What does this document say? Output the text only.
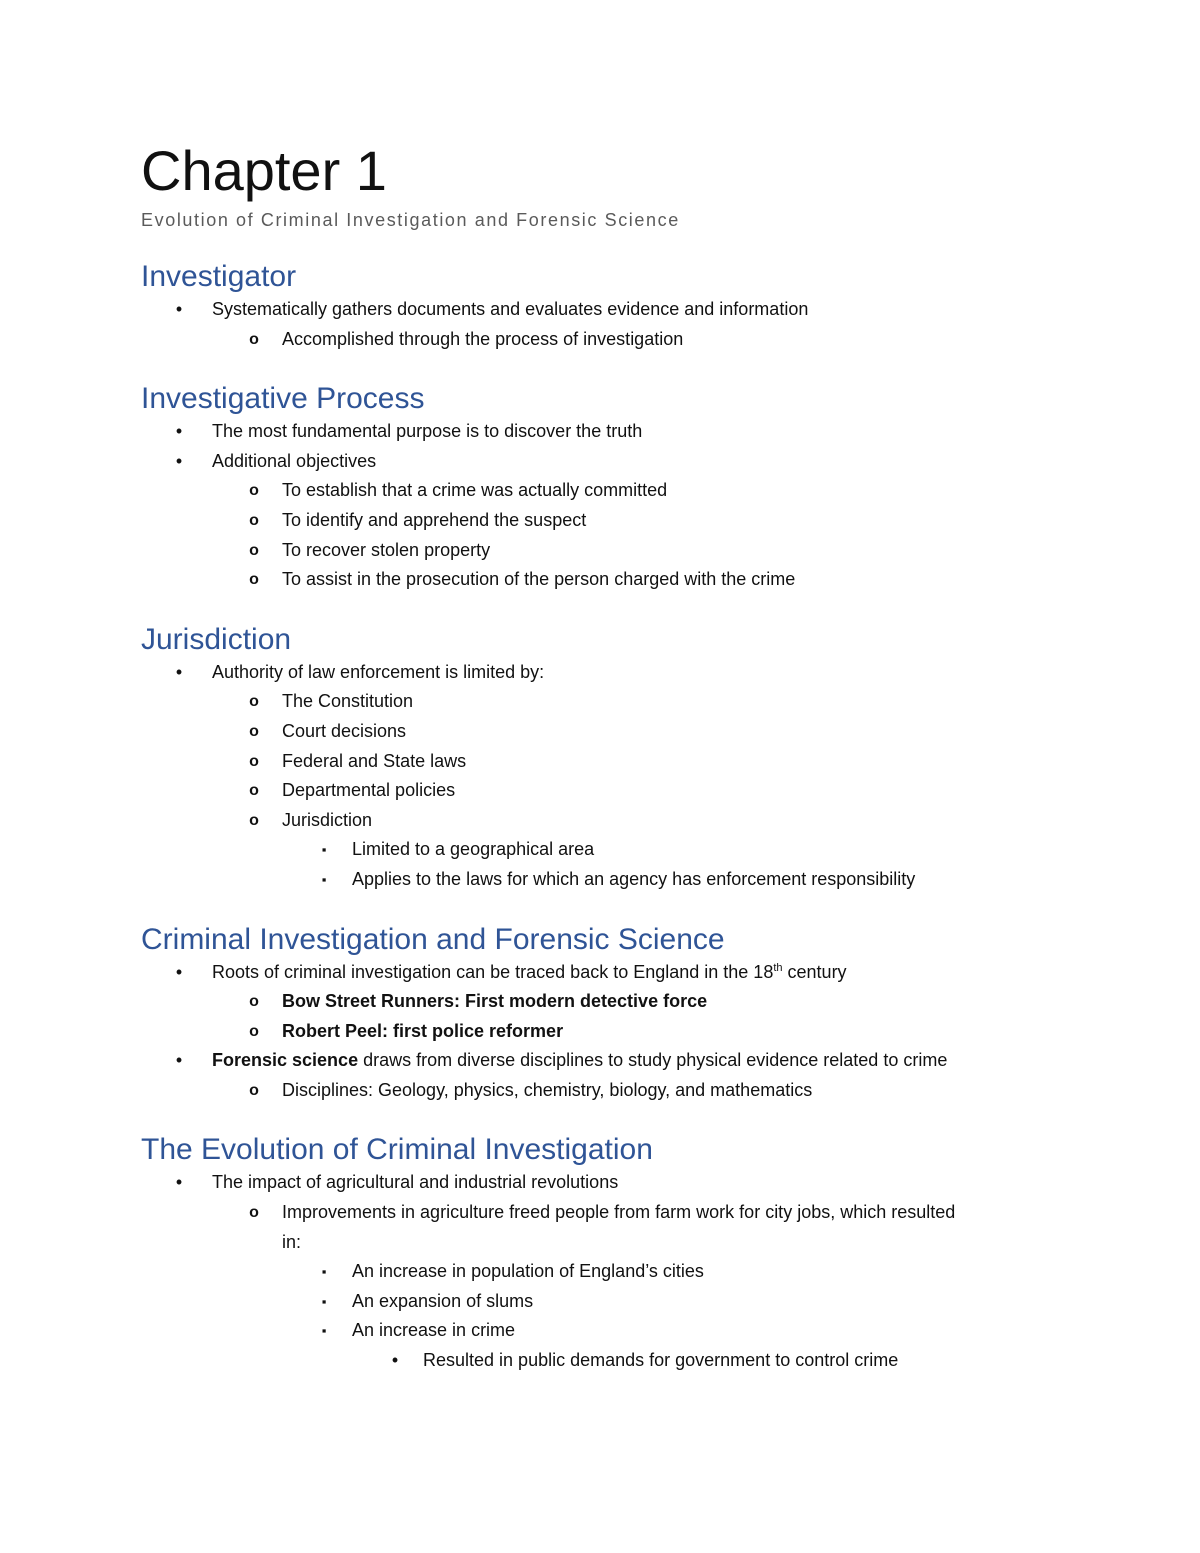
Chapter 1
Evolution of Criminal Investigation and Forensic Science
Investigator
•	Systematically gathers documents and evaluates evidence and information
o Accomplished through the process of investigation
Investigative Process
•	The most fundamental purpose is to discover the truth
•	Additional objectives
o To establish that a crime was actually committed
o To identify and apprehend the suspect
o To recover stolen property
o To assist in the prosecution of the person charged with the crime
Jurisdiction
•	Authority of law enforcement is limited by:
o The Constitution
o Court decisions
o Federal and State laws
o Departmental policies
o Jurisdiction
▪	Limited to a geographical area
▪	Applies to the laws for which an agency has enforcement responsibility
Criminal Investigation and Forensic Science
•	Roots of criminal investigation can be traced back to England in the 18th century
o Bow Street Runners: First modern detective force
o Robert Peel: first police reformer
•	Forensic science draws from diverse disciplines to study physical evidence related to crime
o Disciplines: Geology, physics, chemistry, biology, and mathematics
The Evolution of Criminal Investigation
•	The impact of agricultural and industrial revolutions
o Improvements in agriculture freed people from farm work for city jobs, which resulted
in:
▪	An increase in population of England’s cities
▪	An expansion of slums
▪	An increase in crime
•	Resulted in public demands for government to control crime
